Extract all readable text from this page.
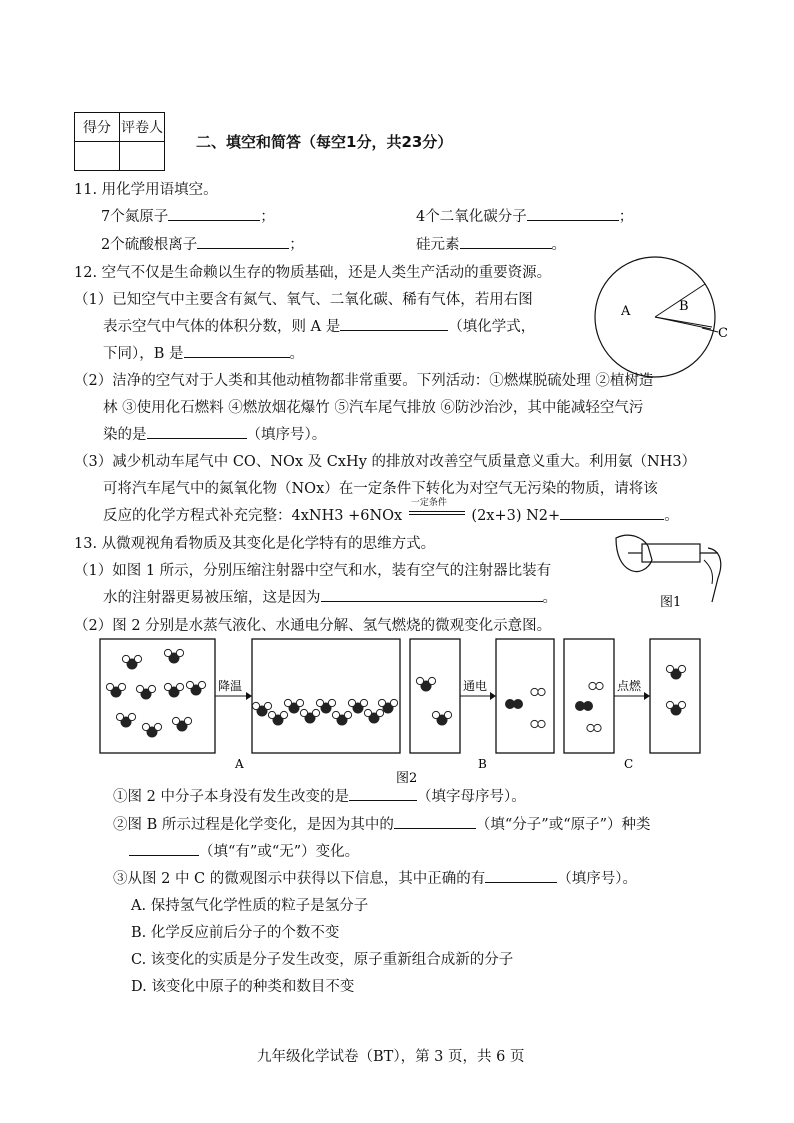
得分	评卷人

二、填空和简答（每空1分，共23分）
11. 用化学用语填空。
7个氮原子	；	4个二氧化碳分子	；
2个硫酸根离子	；	硅元素	。
12. 空气不仅是生命赖以生存的物质基础，还是人类生产活动的重要资源。
（1）已知空气中主要含有氮气、氧气、二氧化碳、稀有气体，若用右图
表示空气中气体的体积分数，则 A 是	（填化学式，
下同），B 是	。
A	B
C
（2）洁净的空气对于人类和其他动植物都非常重要。下列活动：①燃煤脱硫处理 ②植树造
林 ③使用化石燃料 ④燃放烟花爆竹 ⑤汽车尾气排放 ⑥防沙治沙，其中能减轻空气污
染的是	（填序号）。
（3）减少机动车尾气中 CO、NOx 及 CxHy 的排放对改善空气质量意义重大。利用氨（NH3）
可将汽车尾气中的氮氧化物（NOx）在一定条件下转化为对空气无污染的物质，请将该
反应的化学方程式补充完整：4xNH3 +6NOx
一定条件
(2x+3) N2+	。
13. 从微观视角看物质及其变化是化学特有的思维方式。
（1）如图 1 所示，分别压缩注射器中空气和水，装有空气的注射器比装有
水的注射器更易被压缩，这是因为	。	图1
（2）图 2 分别是水蒸气液化、水通电分解、氢气燃烧的微观变化示意图。
降温	通电	点燃
A	B	C
图2
①图 2 中分子本身没有发生改变的是	（填字母序号）。
②图 B 所示过程是化学变化，是因为其中的	（填“分子”或“原子”）种类
（填“有”或“无”）变化。
③从图 2 中 C 的微观图示中获得以下信息，其中正确的有	（填序号）。
A. 保持氢气化学性质的粒子是氢分子
B. 化学反应前后分子的个数不变
C. 该变化的实质是分子发生改变，原子重新组合成新的分子
D. 该变化中原子的种类和数目不变
九年级化学试卷（BT），第 3 页，共 6 页
